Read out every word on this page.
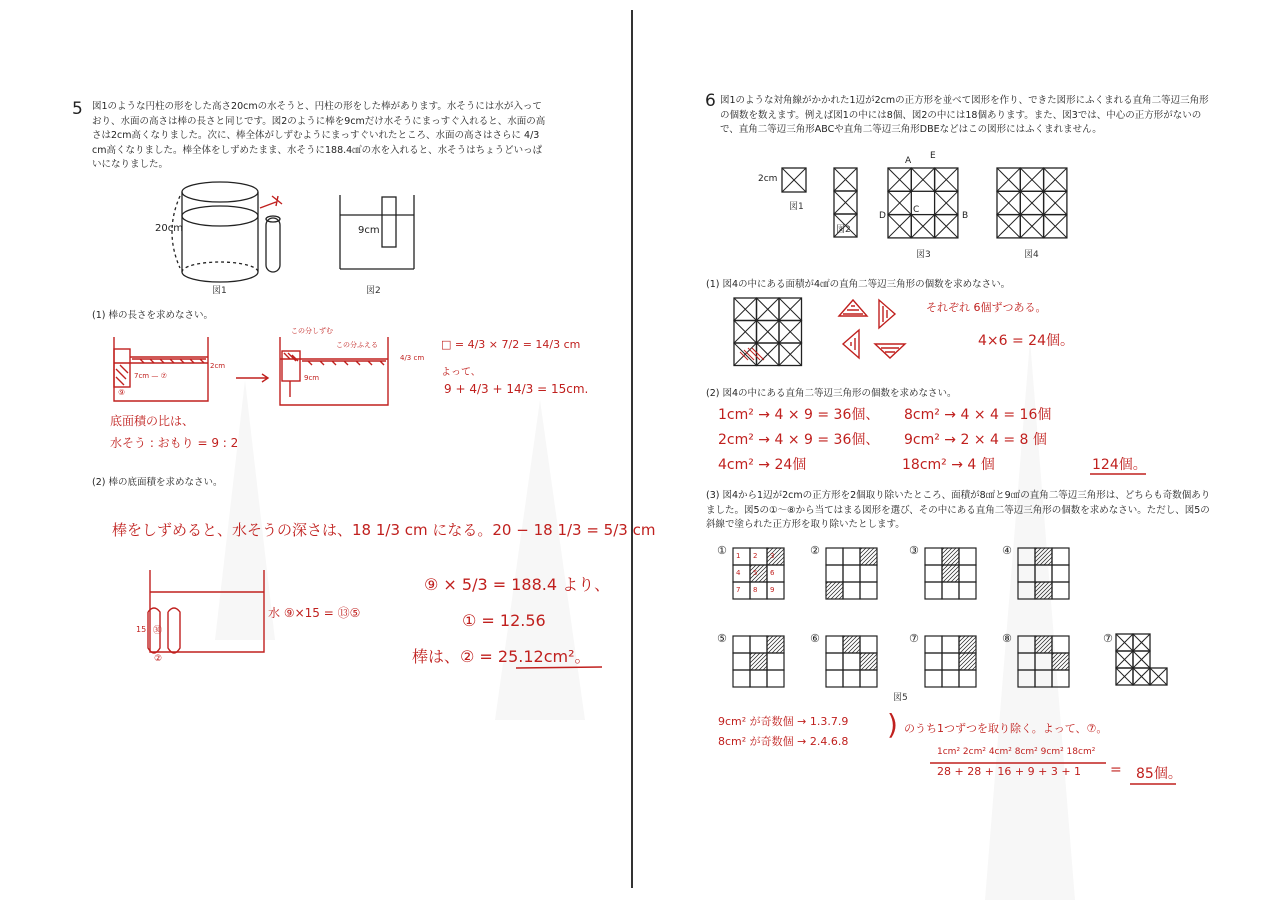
5 図1のような円柱の形をした高さ20cmの水そうと、円柱の形をした棒があります。水そうには水が入っており、水面の高さは棒の長さと同じです。図2のように棒を9cmだけ水そうにまっすぐ入れると、水面の高さは2cm高くなりました。次に、棒全体がしずむようにまっすぐいれたところ、水面の高さはさらに 4/3 cm高くなりました。棒全体をしずめたまま、水そうに188.4㎤の水を入れると、水そうはちょうどいっぱいになりました。
20cm
図1
9cm
図2
(1) 棒の長さを求めなさい。
2cm
7cm — ⑦
⑨
この分しずむ
この分ふえる
9cm
4/3 cm
□ = 4/3 × 7/2 = 14/3 cm
よって、
9 + 4/3 + 14/3 = 15cm.
底面積の比は、
水そう : おもり = 9 : 2
(2) 棒の底面積を求めなさい。
棒をしずめると、水そうの深さは、18 1/3 cm になる。20 − 18 1/3 = 5/3 cm
15 ㉚
②
水 ⑨×15 = ⑬⑤
⑨ × 5/3 = 188.4 より、
① = 12.56
棒は、② = 25.12cm²。
6 図1のような対角線がかかれた1辺が2cmの正方形を並べて図形を作り、できた図形にふくまれる直角二等辺三角形の個数を数えます。例えば図1の中には8個、図2の中には18個あります。また、図3では、中心の正方形がないので、直角二等辺三角形ABCや直角二等辺三角形DBEなどはこの図形にはふくまれません。
2cm
図1
図2
図3	図4
A E
C
D	B
(1) 図4の中にある面積が4㎠の直角二等辺三角形の個数を求めなさい。
それぞれ 6個ずつある。
4×6 = 24個。
(2) 図4の中にある直角二等辺三角形の個数を求めなさい。
1cm² → 4 × 9 = 36個、 8cm² → 4 × 4 = 16個
2cm² → 4 × 9 = 36個、 9cm² → 2 × 4 = 8 個
4cm² → 24個	18cm² → 4 個	124個。
(3) 図4から1辺が2cmの正方形を2個取り除いたところ、面積が8㎠と9㎠の直角二等辺三角形は、どちらも奇数個ありました。図5の①〜⑧から当てはまる図形を選び、その中にある直角二等辺三角形の個数を求めなさい。ただし、図5の斜線で塗られた正方形を取り除いたとします。
① 1 2 3
4 5 6
7 8 9
②	③	④
⑤	⑥	⑦	⑧	⑦
図5
9cm² が奇数個 → 1.3.7.9
8cm² が奇数個 → 2.4.6.8
) のうち1つずつを取り除く。よって、⑦。
1cm² 2cm² 4cm² 8cm² 9cm² 18cm²
28 + 28 + 16 + 9 + 3 + 1 = 85個。
